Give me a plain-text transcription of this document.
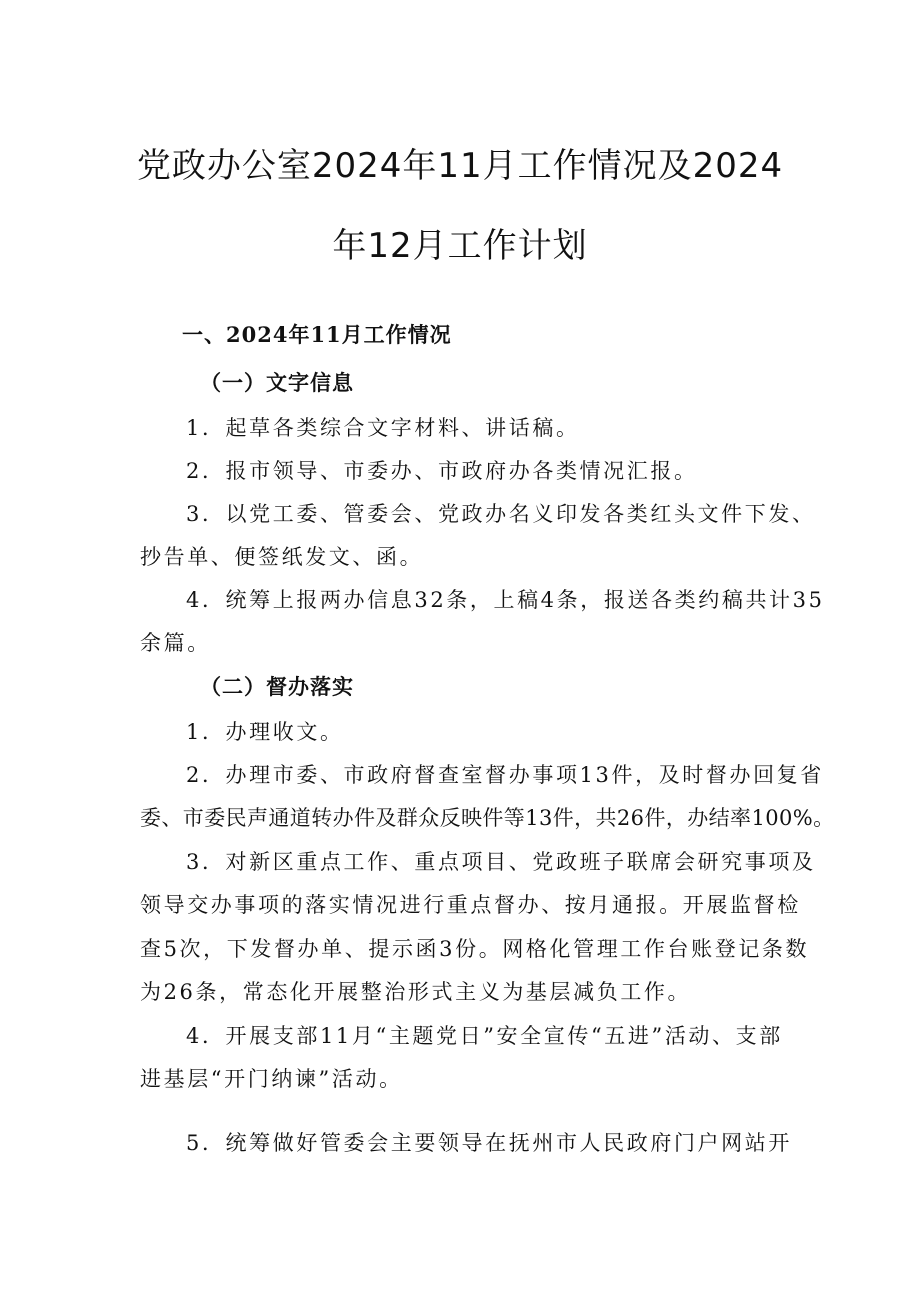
党政办公室2024年11月工作情况及2024
年12月工作计划
一、2024年11月工作情况
（一）文字信息
1．起草各类综合文字材料、讲话稿。
2．报市领导、市委办、市政府办各类情况汇报。
3．以党工委、管委会、党政办名义印发各类红头文件下发、
抄告单、便签纸发文、函。
4．统筹上报两办信息32条，上稿4条，报送各类约稿共计35
余篇。
（二）督办落实
1．办理收文。
2．办理市委、市政府督查室督办事项13件，及时督办回复省
委、市委民声通道转办件及群众反映件等13件，共26件，办结率100%。
3．对新区重点工作、重点项目、党政班子联席会研究事项及
领导交办事项的落实情况进行重点督办、按月通报。开展监督检
查5次，下发督办单、提示函3份。网格化管理工作台账登记条数
为26条，常态化开展整治形式主义为基层减负工作。
4．开展支部11月“主题党日”安全宣传“五进”活动、支部
进基层“开门纳谏”活动。
5．统筹做好管委会主要领导在抚州市人民政府门户网站开
